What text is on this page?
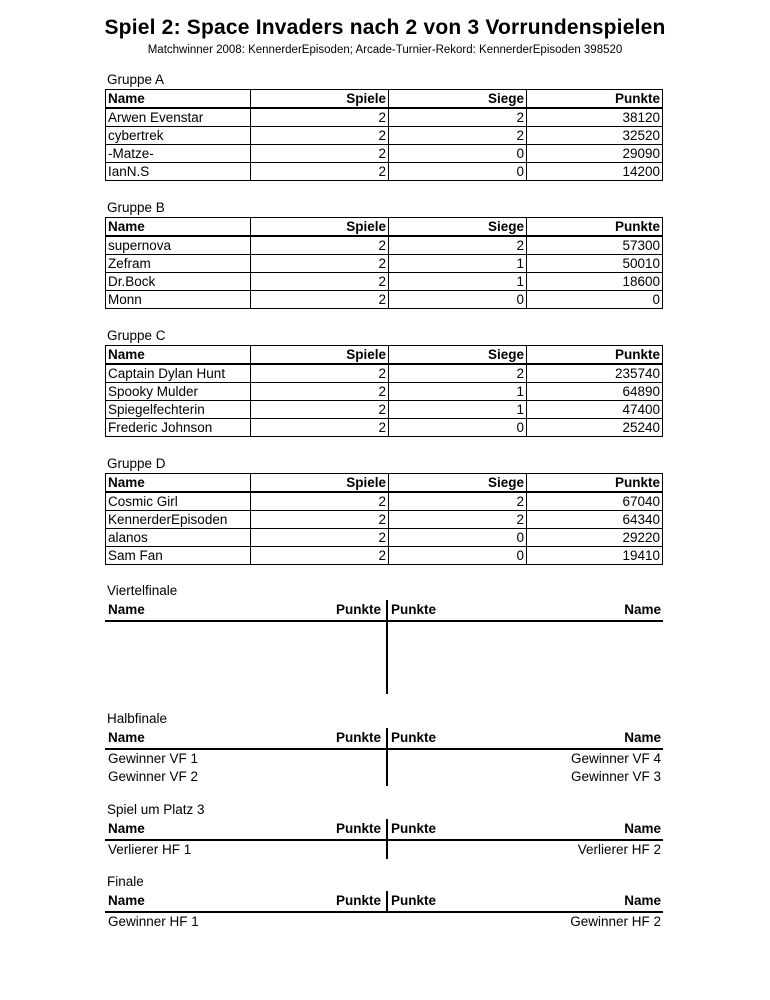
Spiel 2: Space Invaders nach 2 von 3 Vorrundenspielen
Matchwinner 2008: KennerderEpisoden; Arcade-Turnier-Rekord: KennerderEpisoden 398520
Gruppe A
Name	Spiele	Siege	Punkte
Arwen Evenstar	2	2	38120
cybertrek	2	2	32520
-Matze-	2	0	29090
IanN.S	2	0	14200
Gruppe B
Name	Spiele	Siege	Punkte
supernova	2	2	57300
Zefram	2	1	50010
Dr.Bock	2	1	18600
Monn	2	0	0
Gruppe C
Name	Spiele	Siege	Punkte
Captain Dylan Hunt	2	2	235740
Spooky Mulder	2	1	64890
Spiegelfechterin	2	1	47400
Frederic Johnson	2	0	25240
Gruppe D
Name	Spiele	Siege	Punkte
Cosmic Girl	2	2	67040
KennerderEpisoden	2	2	64340
alanos	2	0	29220
Sam Fan	2	0	19410
Viertelfinale
Name	Punkte Punkte	Name
Halbfinale
Name	Punkte Punkte	Name
Gewinner VF 1	Gewinner VF 4
Gewinner VF 2	Gewinner VF 3
Spiel um Platz 3
Name	Punkte Punkte	Name
Verlierer HF 1	Verlierer HF 2
Finale
Name	Punkte Punkte	Name
Gewinner HF 1	Gewinner HF 2
